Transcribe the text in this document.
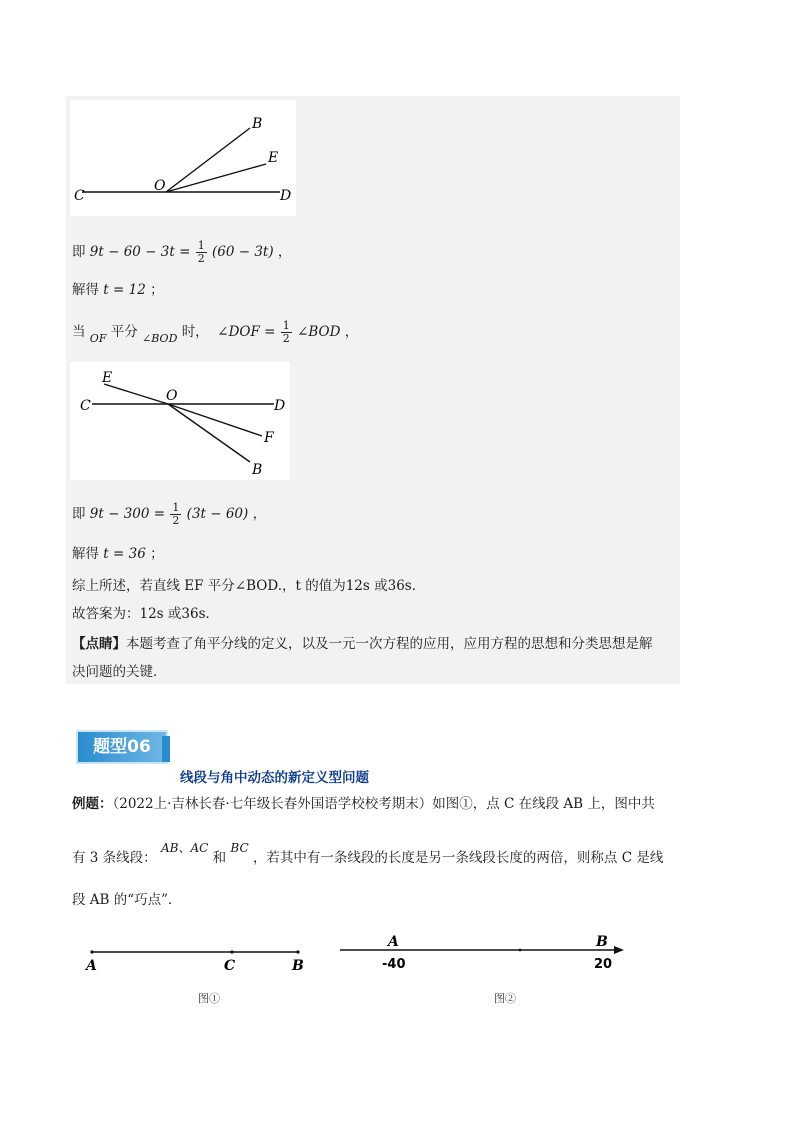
B
E
C
O
D
即 $9t - 60 - 3t = \frac{1}{2} (60 - 3t)$ ，
解得 t = 12 ；
当 $_{OF}$ 平分 $_{\angle BOD}$ 时， ∠DOF = $\frac{1}{2}$ ∠BOD ，
E
O
C	D
F
B
即 $9t - 300 = \frac{1}{2} (3t - 60)$ ，
解得 t = 36 ；
综上所述，若直线 EF 平分∠BOD.，t 的值为12s 或36s．
故答案为：12s 或36s．
【点睛】本题考查了角平分线的定义，以及一元一次方程的应用，应用方程的思想和分类思想是解
决问题的关键．
题型06
线段与角中动态的新定义型问题
例题：（2022上·吉林长春·七年级长春外国语学校校考期末）如图①，点 C 在线段 AB 上，图中共
有 3 条线段： AB、AC 和 BC ，若其中有一条线段的长度是另一条线段长度的两倍，则称点 C 是线
段 AB 的“巧点”．
A	C	B
图①
A	B
-40	20
图②
